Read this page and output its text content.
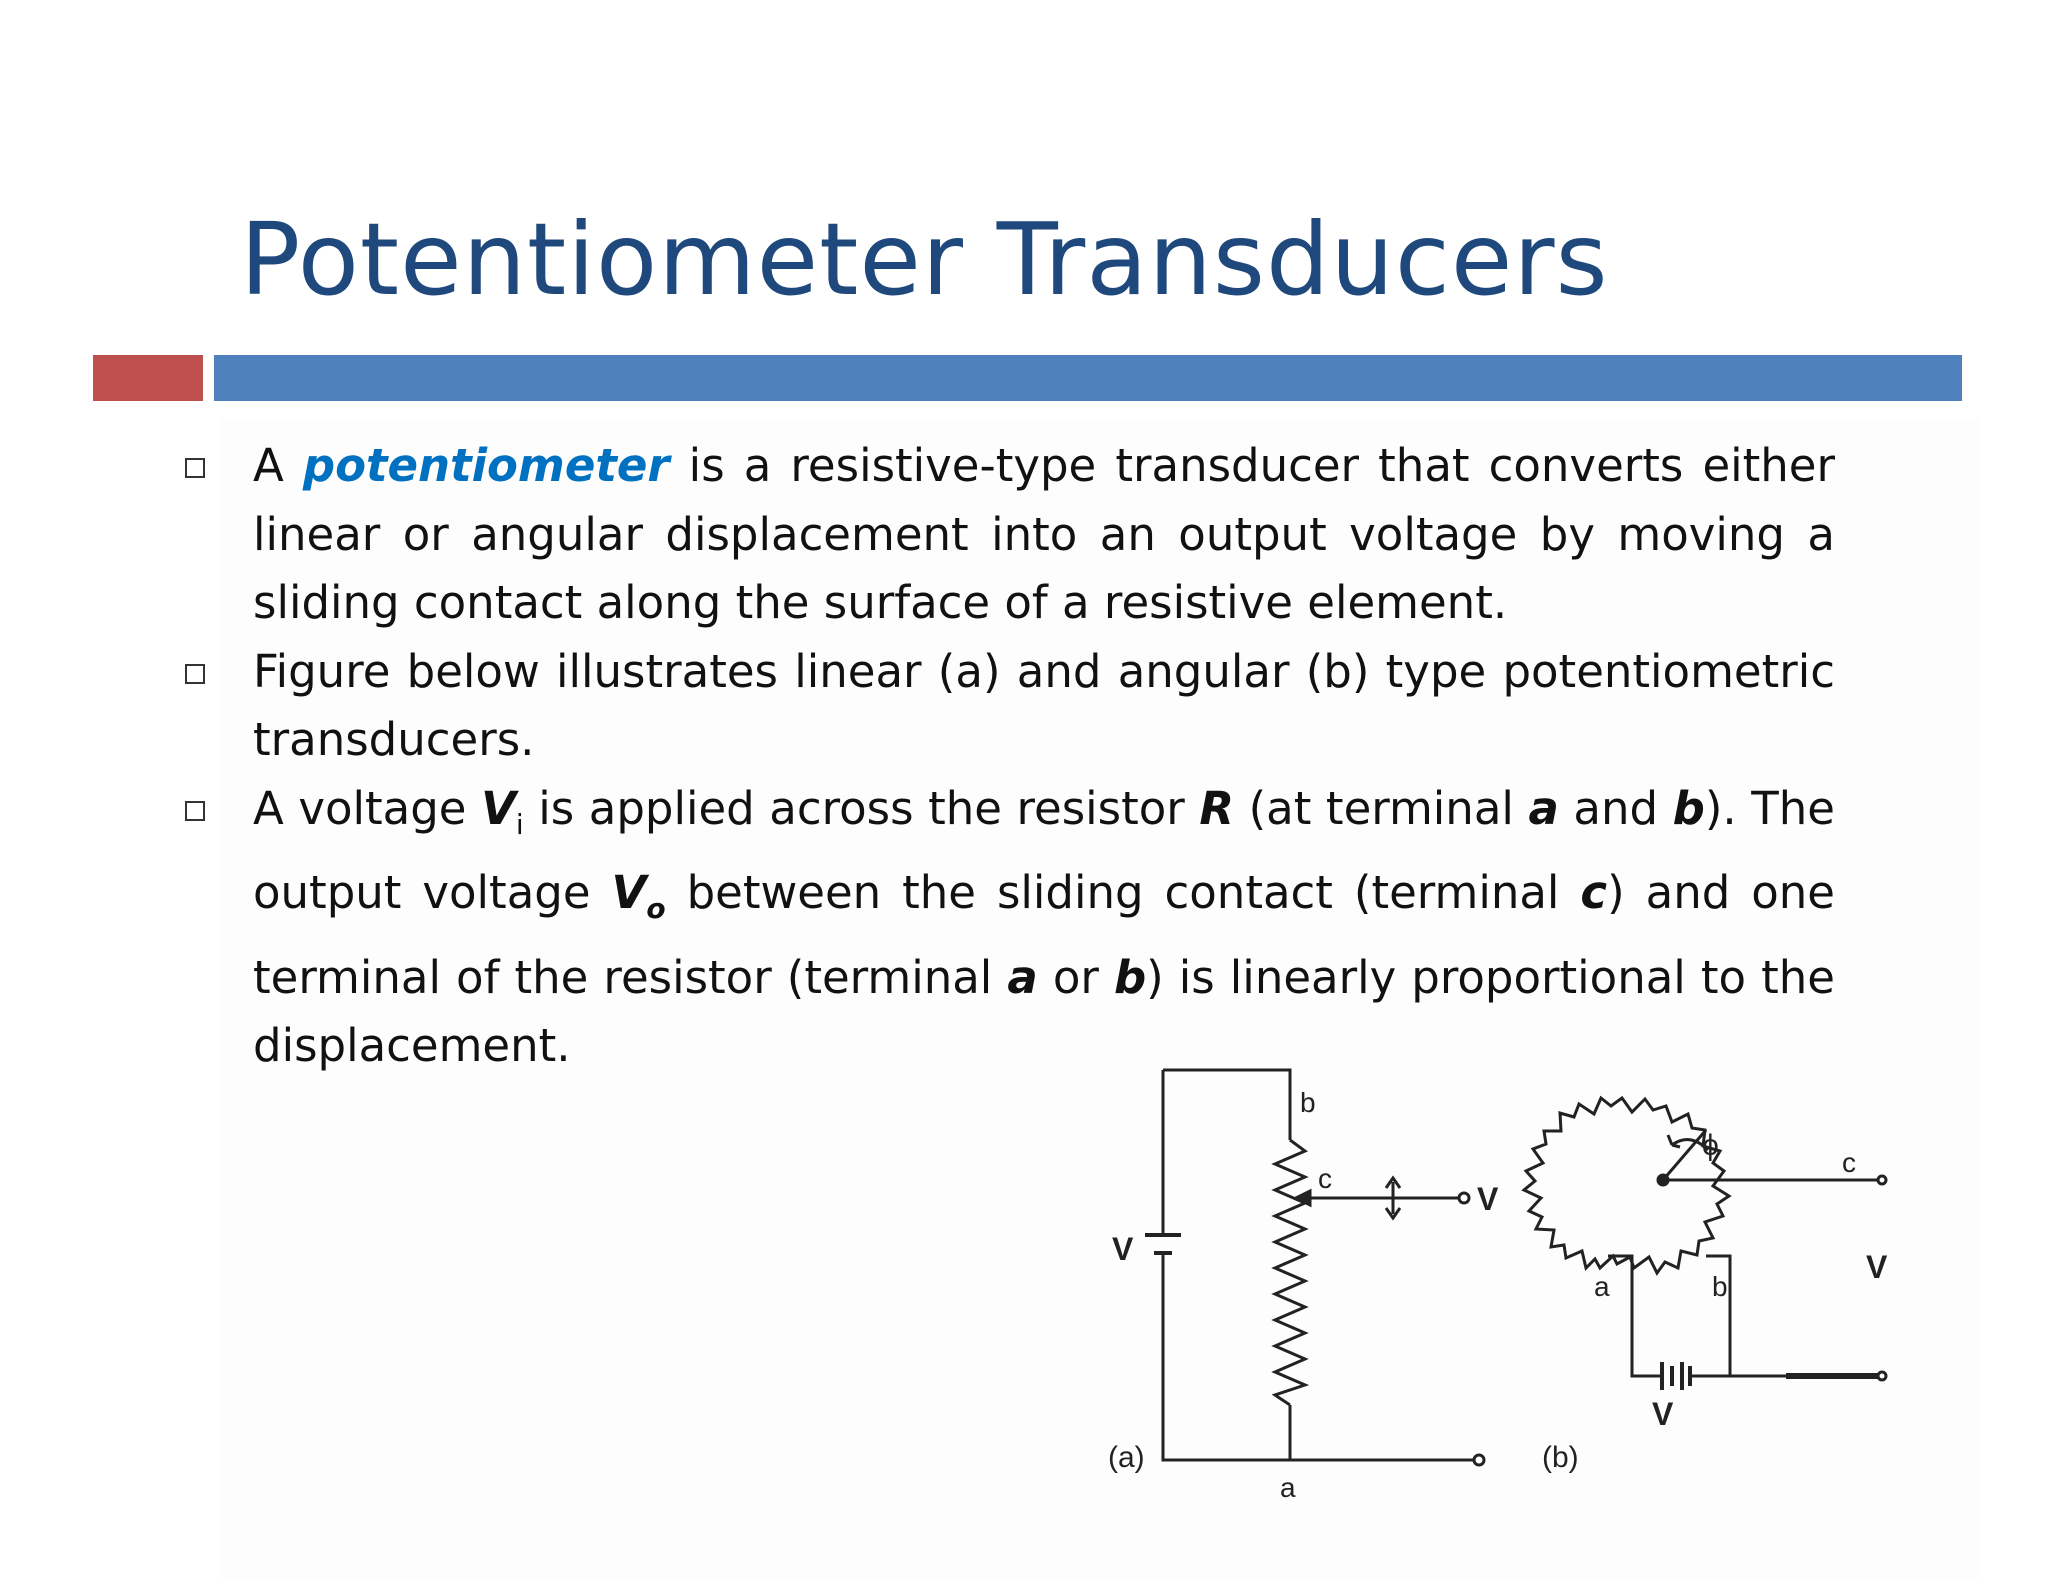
Potentiometer Transducers
A potentiometer is a resistive-type transducer that converts either linear or angular displacement into an output voltage by moving a sliding contact along the surface of a resistive element.
Figure below illustrates linear (a) and angular (b) type potentiometric transducers.
A voltage $V_i$ is applied across the resistor R (at terminal a and b). The output voltage $V_o$ between the sliding contact (terminal c) and one terminal of the resistor (terminal a or b) is linearly proportional to the displacement.
V
V
b
c
a
(a)
ϕ
c
V
a	b
V
(b)
